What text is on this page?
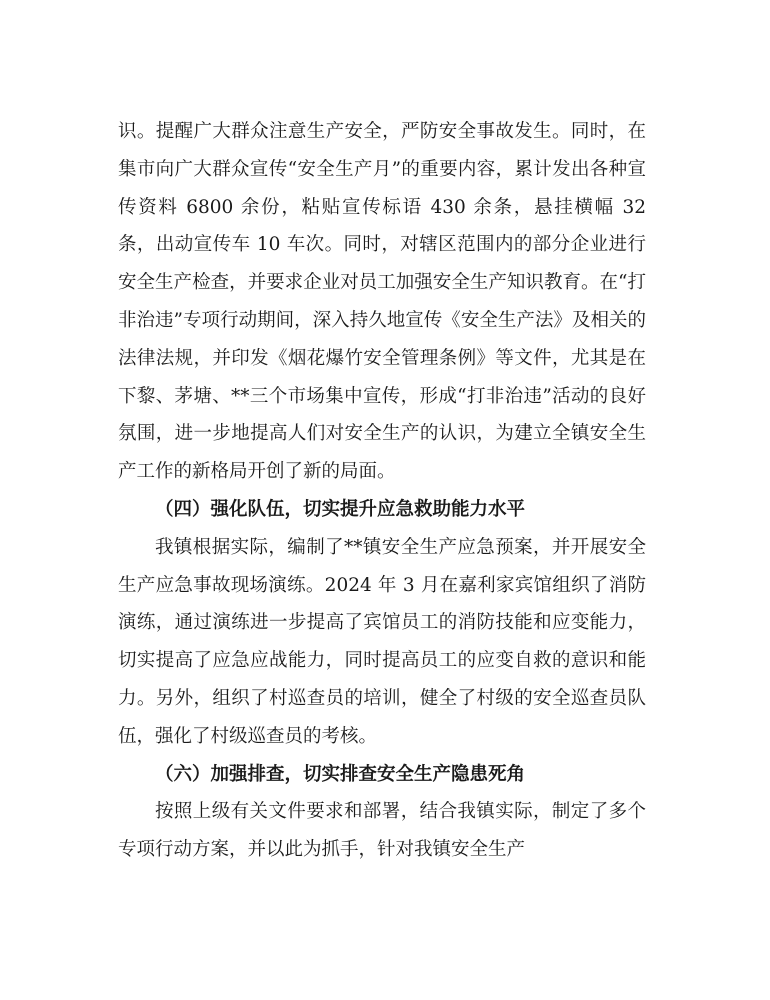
识。提醒广大群众注意生产安全，严防安全事故发生。同时，在集市向广大群众宣传“安全生产月”的重要内容，累计发出各种宣传资料 6800 余份，粘贴宣传标语 430 余条，悬挂横幅 32 条，出动宣传车 10 车次。同时，对辖区范围内的部分企业进行安全生产检查，并要求企业对员工加强安全生产知识教育。在“打非治违”专项行动期间，深入持久地宣传《安全生产法》及相关的法律法规，并印发《烟花爆竹安全管理条例》等文件，尤其是在下黎、茅塘、**三个市场集中宣传，形成“打非治违”活动的良好氛围，进一步地提高人们对安全生产的认识，为建立全镇安全生产工作的新格局开创了新的局面。

（四）强化队伍，切实提升应急救助能力水平

我镇根据实际，编制了**镇安全生产应急预案，并开展安全生产应急事故现场演练。2024 年 3 月在嘉利家宾馆组织了消防演练，通过演练进一步提高了宾馆员工的消防技能和应变能力，切实提高了应急应战能力，同时提高员工的应变自救的意识和能力。另外，组织了村巡查员的培训，健全了村级的安全巡查员队伍，强化了村级巡查员的考核。

（六）加强排查，切实排查安全生产隐患死角

按照上级有关文件要求和部署，结合我镇实际，制定了多个专项行动方案，并以此为抓手，针对我镇安全生产
